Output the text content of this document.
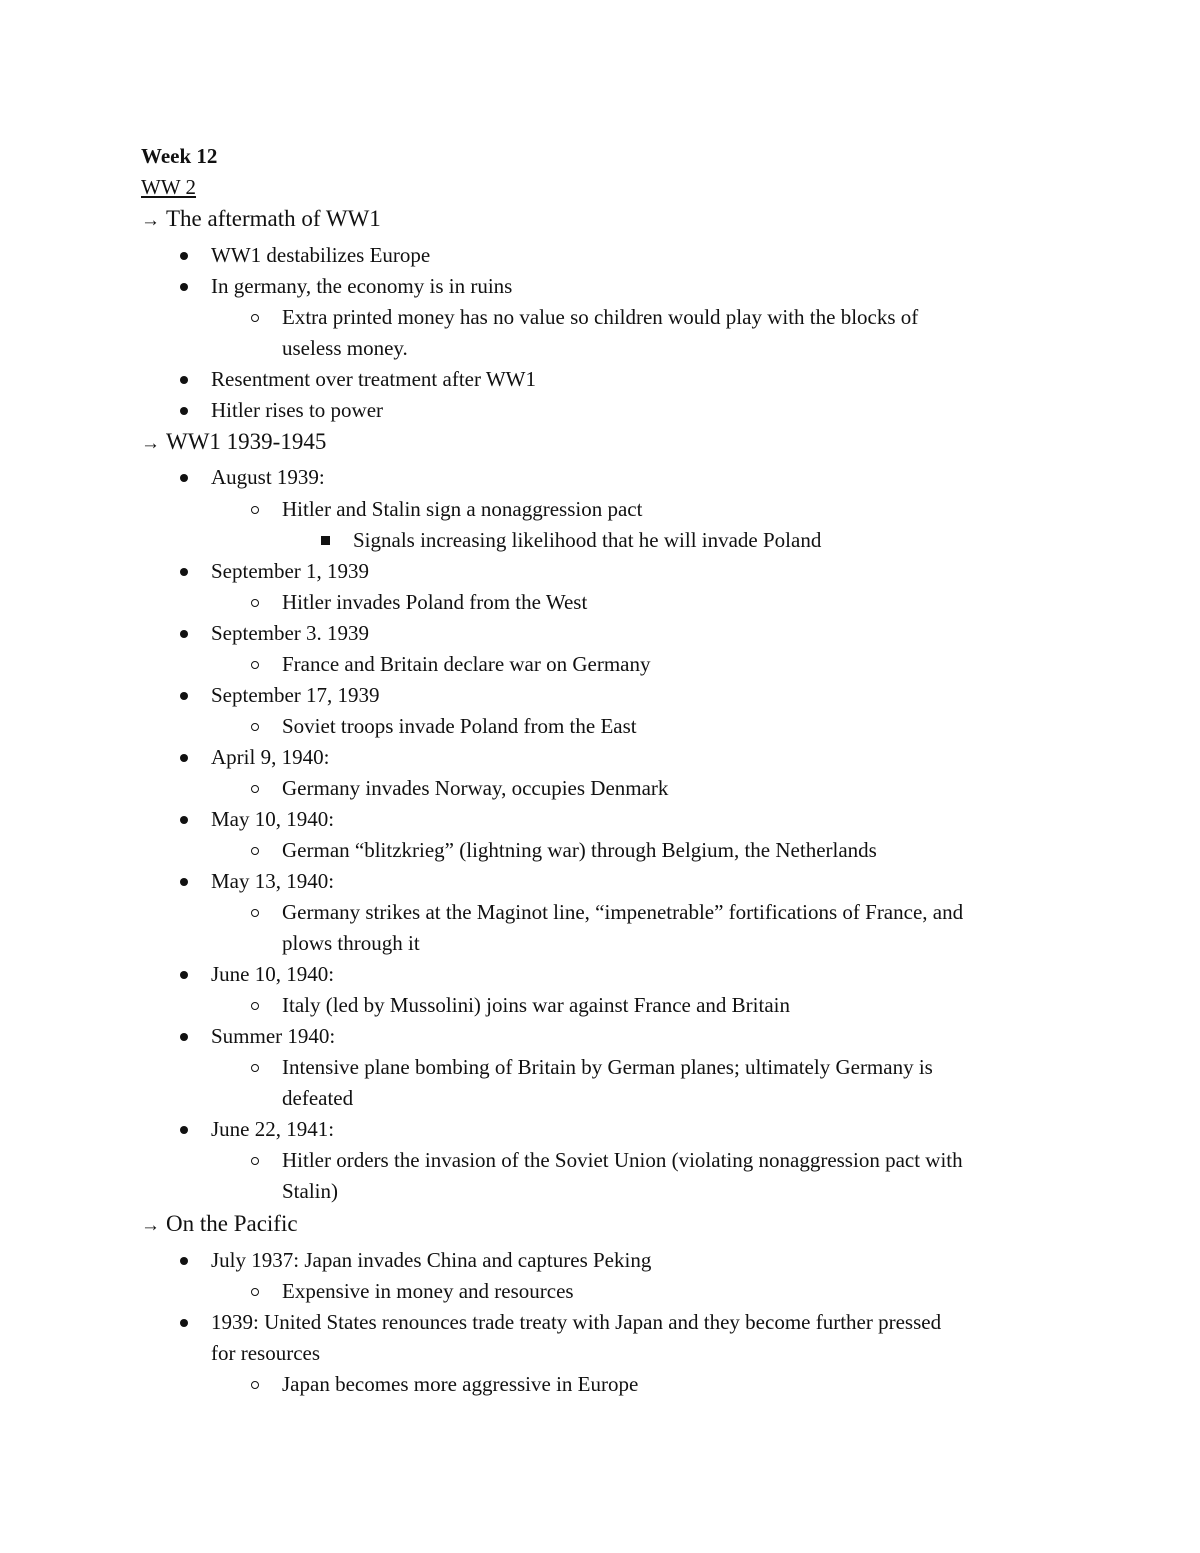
Week 12
WW 2
→ The aftermath of WW1
WW1 destabilizes Europe
In germany, the economy is in ruins
Extra printed money has no value so children would play with the blocks of
useless money.
Resentment over treatment after WW1
Hitler rises to power
→ WW1 1939-1945
August 1939:
Hitler and Stalin sign a nonaggression pact
Signals increasing likelihood that he will invade Poland
September 1, 1939
Hitler invades Poland from the West
September 3. 1939
France and Britain declare war on Germany
September 17, 1939
Soviet troops invade Poland from the East
April 9, 1940:
Germany invades Norway, occupies Denmark
May 10, 1940:
German “blitzkrieg” (lightning war) through Belgium, the Netherlands
May 13, 1940:
Germany strikes at the Maginot line, “impenetrable” fortifications of France, and
plows through it
June 10, 1940:
Italy (led by Mussolini) joins war against France and Britain
Summer 1940:
Intensive plane bombing of Britain by German planes; ultimately Germany is
defeated
June 22, 1941:
Hitler orders the invasion of the Soviet Union (violating nonaggression pact with
Stalin)
→ On the Pacific
July 1937: Japan invades China and captures Peking
Expensive in money and resources
1939: United States renounces trade treaty with Japan and they become further pressed
for resources
Japan becomes more aggressive in Europe
